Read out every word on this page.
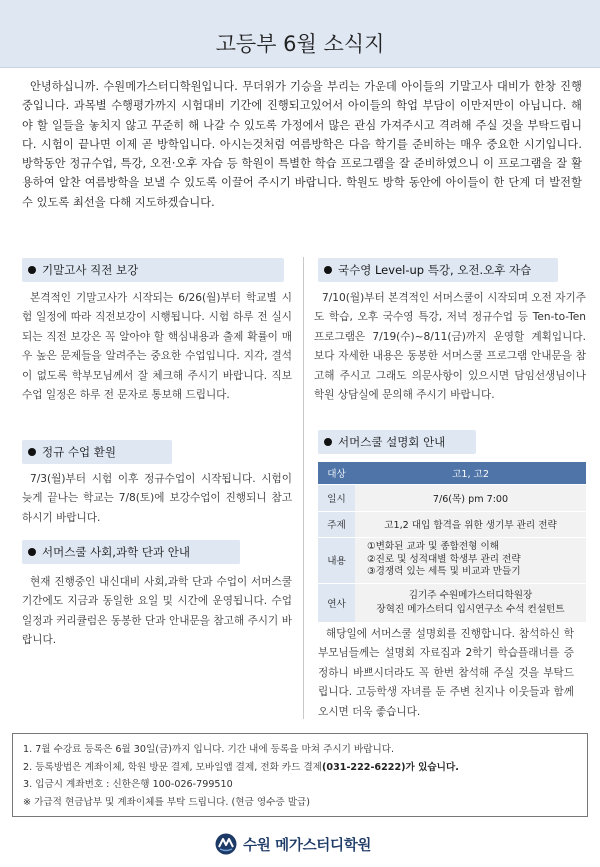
고등부 6월 소식지
안녕하십니까. 수원메가스터디학원입니다. 무더위가 기승을 부리는 가운데 아이들의 기말고사 대비가 한창 진행 중입니다. 과목별 수행평가까지 시험대비 기간에 진행되고있어서 아이들의 학업 부담이 이만저만이 아닙니다. 해야 할 일들을 놓치지 않고 꾸준히 해 나갈 수 있도록 가정에서 많은 관심 가져주시고 격려해 주실 것을 부탁드립니다. 시험이 끝나면 이제 곧 방학입니다. 아시는것처럼 여름방학은 다음 학기를 준비하는 매우 중요한 시기입니다. 방학동안 정규수업, 특강, 오전·오후 자습 등 학원이 특별한 학습 프로그램을 잘 준비하였으니 이 프로그램을 잘 활용하여 알찬 여름방학을 보낼 수 있도록 이끌어 주시기 바랍니다. 학원도 방학 동안에 아이들이 한 단계 더 발전할 수 있도록 최선을 다해 지도하겠습니다.
기말고사 직전 보강
본격적인 기말고사가 시작되는 6/26(월)부터 학교별 시험 일정에 따라 직전보강이 시행됩니다. 시험 하루 전 실시되는 직전 보강은 꼭 알아야 할 핵심내용과 출제 확률이 매우 높은 문제들을 알려주는 중요한 수업입니다. 지각, 결석이 없도록 학부모님께서 잘 체크해 주시기 바랍니다. 직보 수업 일정은 하루 전 문자로 통보해 드립니다.
정규 수업 환원
7/3(월)부터 시험 이후 정규수업이 시작됩니다. 시험이 늦게 끝나는 학교는 7/8(토)에 보강수업이 진행되니 참고하시기 바랍니다.
서머스쿨 사회,과학 단과 안내
현재 진행중인 내신대비 사회,과학 단과 수업이 서머스쿨 기간에도 지금과 동일한 요일 및 시간에 운영됩니다. 수업일정과 커리큘럼은 동봉한 단과 안내문을 참고해 주시기 바랍니다.
국수영 Level-up 특강, 오전.오후 자습
7/10(월)부터 본격적인 서머스쿨이 시작되며 오전 자기주도 학습, 오후 국수영 특강, 저녁 정규수업 등 Ten-to-Ten 프로그램은 7/19(수)~8/11(금)까지 운영할 계획입니다. 보다 자세한 내용은 동봉한 서머스쿨 프로그램 안내문을 참고해 주시고 그래도 의문사항이 있으시면 담임선생님이나 학원 상담실에 문의해 주시기 바랍니다.
서머스쿨 설명회 안내
대상	고1, 고2
일시	7/6(목) pm 7:00
주제	고1,2 대입 합격을 위한 생기부 관리 전략
내용	①변화된 교과 및 종합전형 이해
②진로 및 성적대별 학생부 관리 전략
③경쟁력 있는 세특 및 비교과 만들기

연사	김기주 수원메가스터디학원장
장혁진 메가스터디 입시연구소 수석 컨설턴트
해당일에 서머스쿨 설명회를 진행합니다. 참석하신 학부모님들께는 설명회 자료집과 2학기 학습플래너를 증정하니 바쁘시더라도 꼭 한번 참석해 주실 것을 부탁드립니다. 고등학생 자녀를 둔 주변 친지나 이웃들과 함께 오시면 더욱 좋습니다.
1. 7월 수강료 등록은 6월 30일(금)까지 입니다. 기간 내에 등록을 마쳐 주시기 바랍니다.
2. 등록방법은 계좌이체, 학원 방문 결제, 모바일앱 결제, 전화 카드 결제(031-222-6222)가 있습니다.
3. 입금시 계좌번호 : 신한은행 100-026-799510
※ 가급적 현금납부 및 계좌이체를 부탁 드립니다. (현금 영수증 발급)
수원 메가스터디학원
